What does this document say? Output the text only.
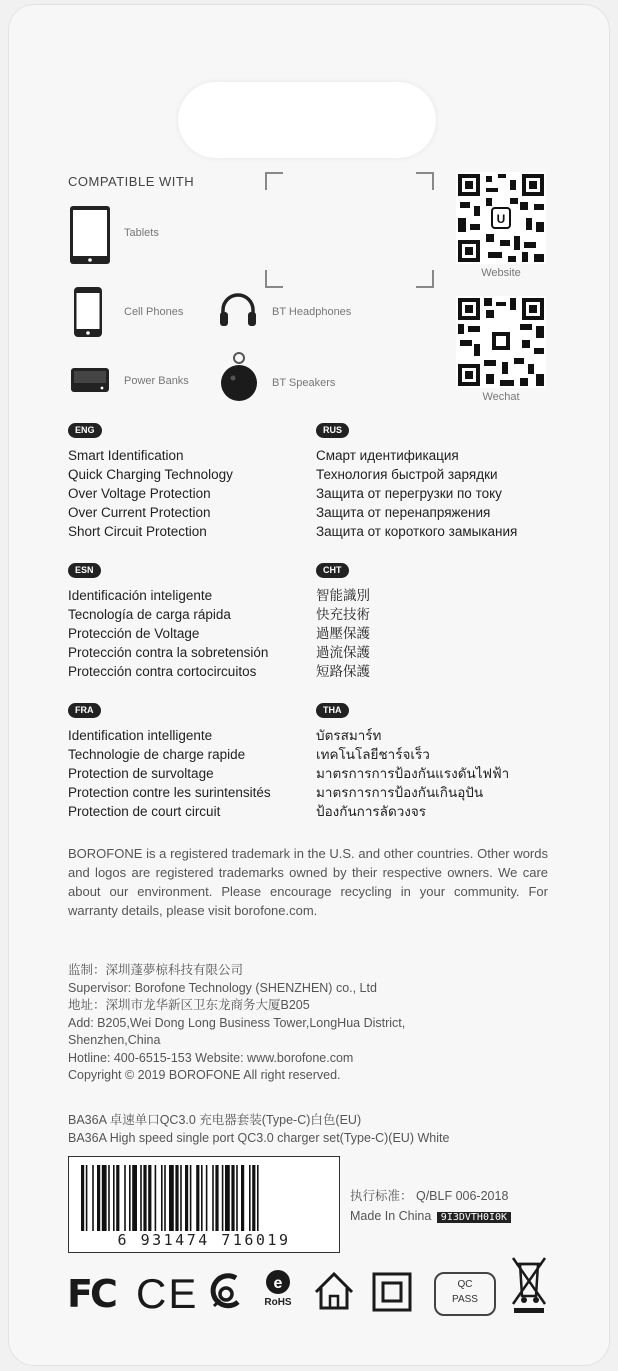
COMPATIBLE WITH
Tablets
Cell Phones	BT Headphones
Power Banks	BT Speakers
U
Website
Wechat
ENG
Smart Identification
Quick Charging Technology
Over Voltage Protection
Over Current Protection
Short Circuit Protection
RUS
Смарт идентификация
Технология быстрой зарядки
Защита от перегрузки по току
Защита от перенапряжения
Защита от короткого замыкания
ESN
Identificación inteligente
Tecnología de carga rápida
Protección de Voltage
Protección contra la sobretensión
Protección contra cortocircuitos
CHT
智能識別
快充技術
過壓保護
過流保護
短路保護
FRA
Identification intelligente
Technologie de charge rapide
Protection de survoltage
Protection contre les surintensités
Protection de court circuit
THA
บัตรสมาร์ท
เทคโนโลยีชาร์จเร็ว
มาตรการการป้องกันแรงดันไฟฟ้า
มาตรการการป้องกันเกินอุปัน
ป้องกันการลัดวงจร
BOROFONE is a registered trademark in the U.S. and other countries. Other words and logos are registered trademarks owned by their respective owners. We care about our environment. Please encourage recycling in your community. For warranty details, please visit borofone.com.
监制：深圳蓬夢椋科技有限公司
Supervisor: Borofone Technology (SHENZHEN) co., Ltd
地址：深圳市龙华新区卫东龙商务大厦B205
Add: B205,Wei Dong Long Business Tower,LongHua District,
Shenzhen,China
Hotline: 400-6515-153 Website: www.borofone.com
Copyright © 2019 BOROFONE All right reserved.
BA36A 卓速单口QC3.0 充电器套装(Type-C)白色(EU)
BA36A High speed single port QC3.0 charger set(Type-C)(EU) White
6 931474 716019
执行标准： Q/BLF 006-2018
Made In China 9I3DVTH0I0K
FC CE	e
RoHS
QC
PASS
